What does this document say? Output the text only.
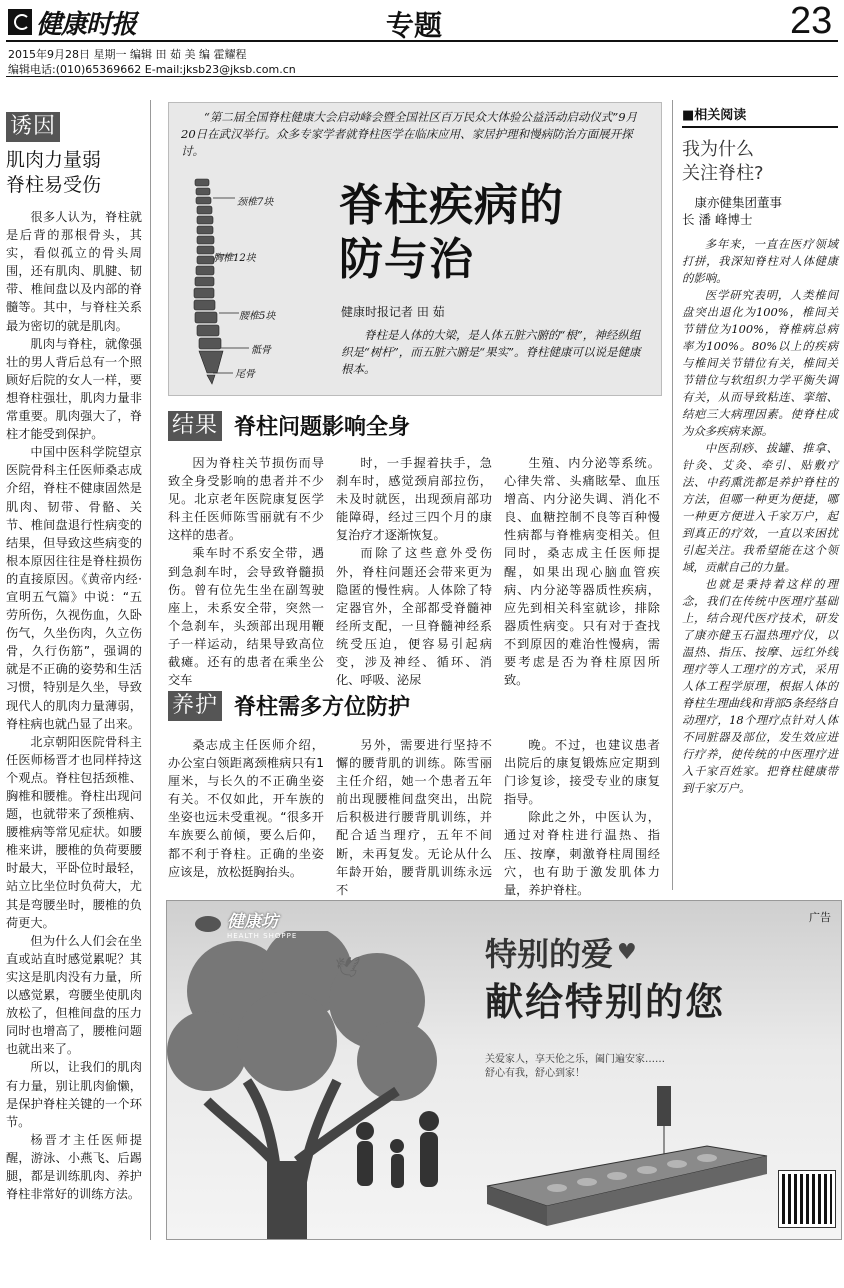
健康时报	专题	23
2015年9月28日 星期一 编辑 田 茹 美 编 霍耀程
编辑电话:(010)65369662 E-mail:jksb23@jksb.com.cn
诱因
肌肉力量弱
脊柱易受伤

很多人认为，脊柱就是后背的那根骨头，其实，看似孤立的骨头周围，还有肌肉、肌腱、韧带、椎间盘以及内部的脊髓等。其中，与脊柱关系最为密切的就是肌肉。

肌肉与脊柱，就像强壮的男人背后总有一个照顾好后院的女人一样，要想脊柱强壮，肌肉力量非常重要。肌肉强大了，脊柱才能受到保护。

中国中医科学院望京医院骨科主任医师桑志成介绍，脊柱不健康固然是肌肉、韧带、骨骼、关节、椎间盘退行性病变的结果，但导致这些病变的根本原因往往是脊柱损伤的直接原因。《黄帝内经·宣明五气篇》中说：“五劳所伤，久视伤血，久卧伤气，久坐伤肉，久立伤骨，久行伤筋”，强调的就是不正确的姿势和生活习惯，特别是久坐，导致现代人的肌肉力量薄弱，脊柱病也就凸显了出来。

北京朝阳医院骨科主任医师杨晋才也同样持这个观点。脊柱包括颈椎、胸椎和腰椎。脊柱出现问题，也就带来了颈椎病、腰椎病等常见症状。如腰椎来讲，腰椎的负荷要腰时最大，平卧位时最轻，站立比坐位时负荷大，尤其是弯腰坐时，腰椎的负荷更大。

但为什么人们会在坐直或站直时感觉累呢？其实这是肌肉没有力量，所以感觉累，弯腰坐使肌肉放松了，但椎间盘的压力同时也增高了，腰椎问题也就出来了。

所以，让我们的肌肉有力量，别让肌肉偷懒，是保护脊柱关键的一个环节。

杨晋才主任医师提醒，游泳、小燕飞、后踢腿，都是训练肌肉、养护脊柱非常好的训练方法。

“第二届全国脊柱健康大会启动峰会暨全国社区百万民众大体验公益活动启动仪式”9月20日在武汉举行。众多专家学者就脊柱医学在临床应用、家居护理和慢病防治方面展开探讨。
颈椎7块
胸椎12块
腰椎5块
骶骨
尾骨
脊柱疾病的
防与治
健康时报记者 田 茹
脊柱是人体的大梁，是人体五脏六腑的“根”，神经纵组织是“树杆”，而五脏六腑是“果实”。脊柱健康可以说是健康根本。
结果 脊柱问题影响全身

因为脊柱关节损伤而导致全身受影响的患者并不少见。北京老年医院康复医学科主任医师陈雪丽就有不少这样的患者。

乘车时不系安全带，遇到急刹车时，会导致脊髓损伤。曾有位先生坐在副驾驶座上，未系安全带，突然一个急刹车，头颈部出现用鞭子一样运动，结果导致高位截瘫。还有的患者在乘坐公交车

时，一手握着扶手，急刹车时，感觉颈肩部拉伤，未及时就医，出现颈肩部功能障碍，经过三四个月的康复治疗才逐渐恢复。

而除了这些意外受伤外，脊柱问题还会带来更为隐匿的慢性病。人体除了特定器官外，全部都受脊髓神经所支配，一旦脊髓神经系统受压迫，便容易引起病变，涉及神经、循环、消化、呼吸、泌尿

生殖、内分泌等系统。心律失常、头痛眩晕、血压增高、内分泌失调、消化不良、血糖控制不良等百种慢性病都与脊椎病变相关。但同时，桑志成主任医师提醒，如果出现心脑血管疾病、内分泌等器质性疾病，应先到相关科室就诊，排除器质性病变。只有对于查找不到原因的难治性慢病，需要考虑是否为脊柱原因所致。

养护 脊柱需多方位防护

桑志成主任医师介绍，办公室白领距离颈椎病只有1厘米，与长久的不正确坐姿有关。不仅如此，开车族的坐姿也远未受重视。“很多开车族要么前倾，要么后仰，都不利于脊柱。正确的坐姿应该是，放松挺胸抬头。

另外，需要进行坚持不懈的腰背肌的训练。陈雪丽主任介绍，她一个患者五年前出现腰椎间盘突出，出院后积极进行腰背肌训练，并配合适当理疗，五年不间断，未再复发。无论从什么年龄开始，腰背肌训练永远不

晚。不过，也建议患者出院后的康复锻炼应定期到门诊复诊，接受专业的康复指导。

除此之外，中医认为，通过对脊柱进行温热、指压、按摩，刺激脊柱周围经穴，也有助于激发肌体力量，养护脊柱。

■相关阅读
我为什么
关注脊柱?
康亦健集团董事
长 潘 峰博士

多年来，一直在医疗领域打拼，我深知脊柱对人体健康的影响。

医学研究表明，人类椎间盘突出退化为100%，椎间关节错位为100%，脊椎病总病率为100%。80%以上的疾病与椎间关节错位有关，椎间关节错位与软组织力学平衡失调有关，从而导致粘连、挛缩、结疤三大病理因素。使脊柱成为众多疾病来源。

中医刮痧、拔罐、推拿、针灸、艾灸、牵引、贴敷疗法、中药熏洗都是养护脊柱的方法，但哪一种更为便捷，哪一种更方便进入千家万户，起到真正的疗效，一直以来困扰引起关注。我希望能在这个领域，贡献自己的力量。

也就是秉持着这样的理念，我们在传统中医理疗基础上，结合现代医疗技术，研发了康亦健玉石温热理疗仪，以温热、指压、按摩、远红外线理疗等人工理疗的方式，采用人体工程学原理，根据人体的脊柱生理曲线和背部5条经络自动理疗，18个理疗点针对人体不同脏器及部位，发生效应进行疗养，使传统的中医理疗进入千家百姓家。把脊柱健康带到千家万户。

健康坊
HEALTH SHOPPE
广告
🕊	特别的爱 ♥
献给特别的您
关爱家人，享天伦之乐，阖门遍安家……
舒心有我，舒心到家！
